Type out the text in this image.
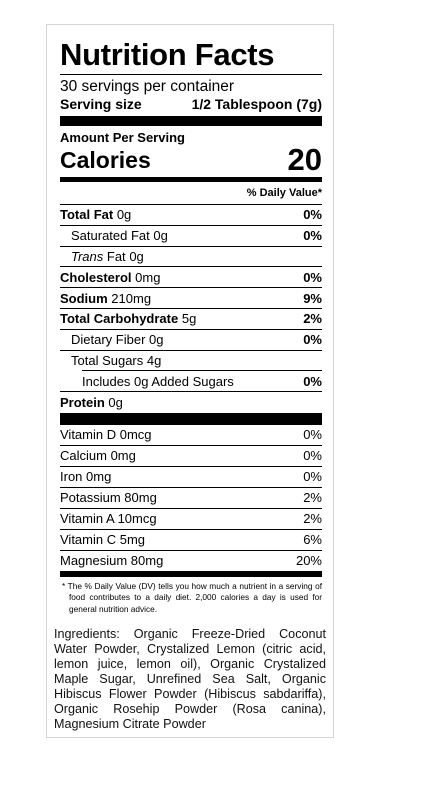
Nutrition Facts
30 servings per container
Serving size	1/2 Tablespoon (7g)
Amount Per Serving
Calories	20
% Daily Value*
Total Fat 0g	0%
Saturated Fat 0g	0%
Trans Fat 0g
Cholesterol 0mg	0%
Sodium 210mg	9%
Total Carbohydrate 5g	2%
Dietary Fiber 0g	0%
Total Sugars 4g
Includes 0g Added Sugars	0%
Protein 0g
Vitamin D 0mcg	0%
Calcium 0mg	0%
Iron 0mg	0%
Potassium 80mg	2%
Vitamin A 10mcg	2%
Vitamin C 5mg	6%
Magnesium 80mg	20%
* The % Daily Value (DV) tells you how much a nutrient in a serving of food contributes to a daily diet. 2,000 calories a day is used for general nutrition advice.
Ingredients: Organic Freeze-Dried Coconut Water Powder, Crystalized Lemon (citric acid, lemon juice, lemon oil), Organic Crystalized Maple Sugar, Unrefined Sea Salt, Organic Hibiscus Flower Powder (Hibiscus sabdariffa), Organic Rosehip Powder (Rosa canina), Magnesium Citrate Powder
